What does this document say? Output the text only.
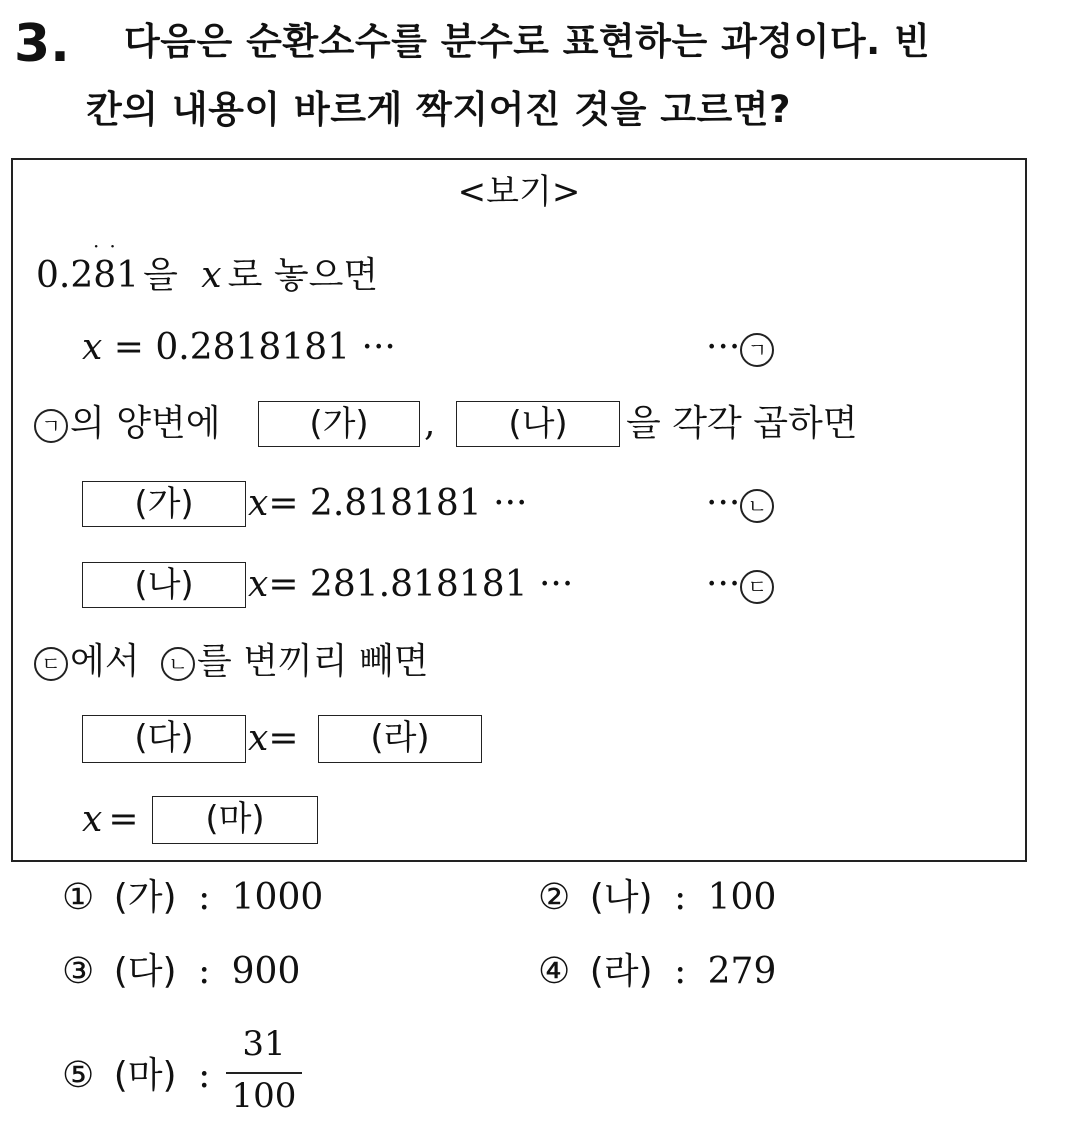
3. 다음은 순환소수를 분수로 표현하는 과정이다. 빈
칸의 내용이 바르게 짝지어진 것을 고르면?
<보기>
0.281 을 x 로 놓으면
··
x = 0.2818181 ···	··· ㄱ
ㄱ 의 양변에	(가)	,	(나)	을 각각 곱하면
(가)	x= 2.818181 ···	··· ㄴ
(나)	x= 281.818181 ···	··· ㄷ
ㄷ 에서 ㄴ 를 변끼리 빼면
(다)	x=	(라)
x =	(마)
① (가) : 1000	② (나) : 100
③ (다) : 900	④ (라) : 279
⑤ (마) :
31
100
